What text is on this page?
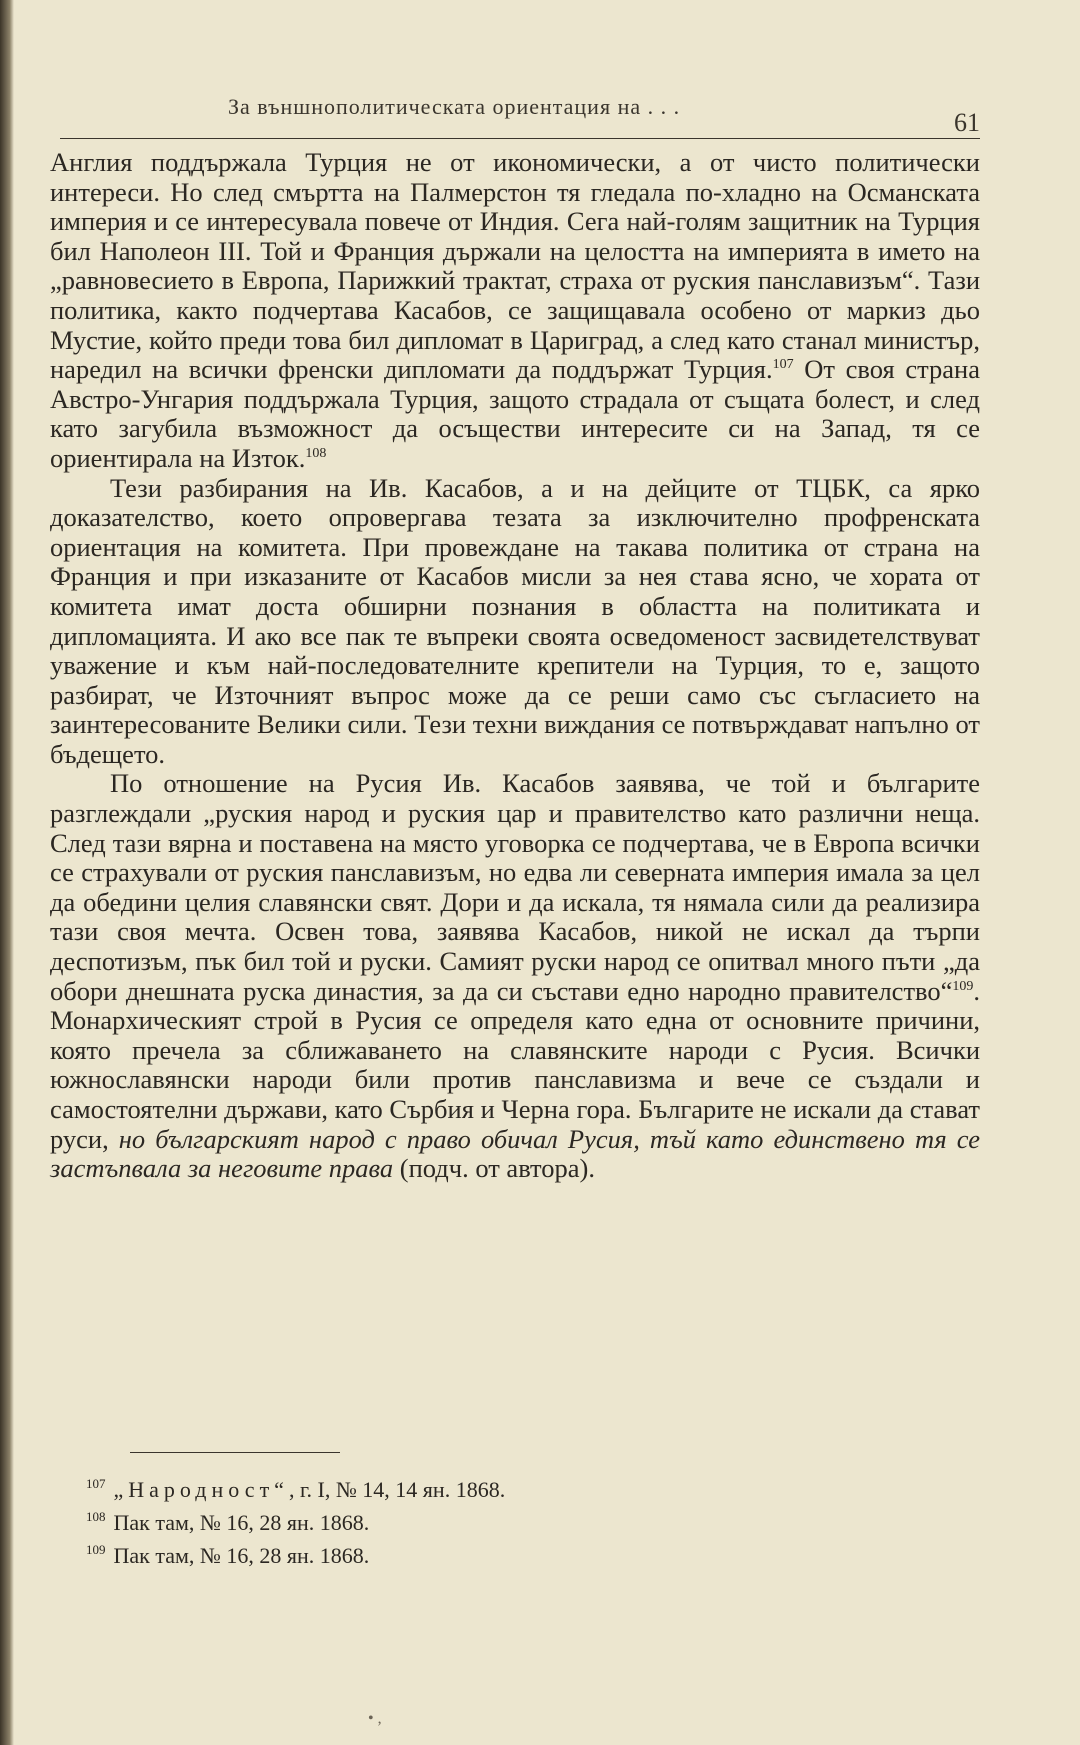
За външнополитическата ориентация на . . .
61

Англия поддържала Турция не от икономически, а от чисто политически интереси. Но след смъртта на Палмерстон тя гледала по-хладно на Османската империя и се интересувала повече от Индия. Сега най-голям защитник на Турция бил Наполеон III. Той и Франция държали на целостта на империята в името на „равновесието в Европа, Парижкий трактат, страха от руския панславизъм“. Тази политика, както подчертава Касабов, се защищавала особено от маркиз дьо Мустие, който преди това бил дипломат в Цариград, а след като станал министър, наредил на всички френски дипломати да поддържат Турция.$^{107}$ От своя страна Австро-Унгария поддържала Турция, защото страдала от същата болест, и след като загубила възможност да осъществи интересите си на Запад, тя се ориентирала на Изток.$^{108}$

Тези разбирания на Ив. Касабов, а и на дейците от ТЦБК, са ярко доказателство, което опровергава тезата за изключително профренската ориентация на комитета. При провеждане на такава политика от страна на Франция и при изказаните от Касабов мисли за нея става ясно, че хората от комитета имат доста обширни познания в областта на политиката и дипломацията. И ако все пак те въпреки своята осведоменост засвидетелствуват уважение и към най-последователните крепители на Турция, то е, защото разбират, че Източният въпрос може да се реши само със съгласието на заинтересованите Велики сили. Тези техни виждания се потвърждават напълно от бъдещето.

По отношение на Русия Ив. Касабов заявява, че той и българите разглеждали „руския народ и руския цар и правителство като различни неща. След тази вярна и поставена на място уговорка се подчертава, че в Европа всички се страхували от руския панславизъм, но едва ли северната империя имала за цел да обедини целия славянски свят. Дори и да искала, тя нямала сили да реализира тази своя мечта. Освен това, заявява Касабов, никой не искал да търпи деспотизъм, пък бил той и руски. Самият руски народ се опитвал много пъти „да обори днешната руска династия, за да си състави едно народно правителство“$^{109}$. Монархическият строй в Русия се определя като една от основните причини, която пречела за сближаването на славянските народи с Русия. Всички южнославянски народи били против панславизма и вече се създали и самостоятелни държави, като Сърбия и Черна гора. Българите не искали да стават руси, но българският народ с право обичал Русия, тъй като единствено тя се застъпвала за неговите права (подч. от автора).

$^{107}$ „Народност“, г. I, № 14, 14 ян. 1868.
$^{108}$ Пак там, № 16, 28 ян. 1868.
$^{109}$ Пак там, № 16, 28 ян. 1868.
• ,
